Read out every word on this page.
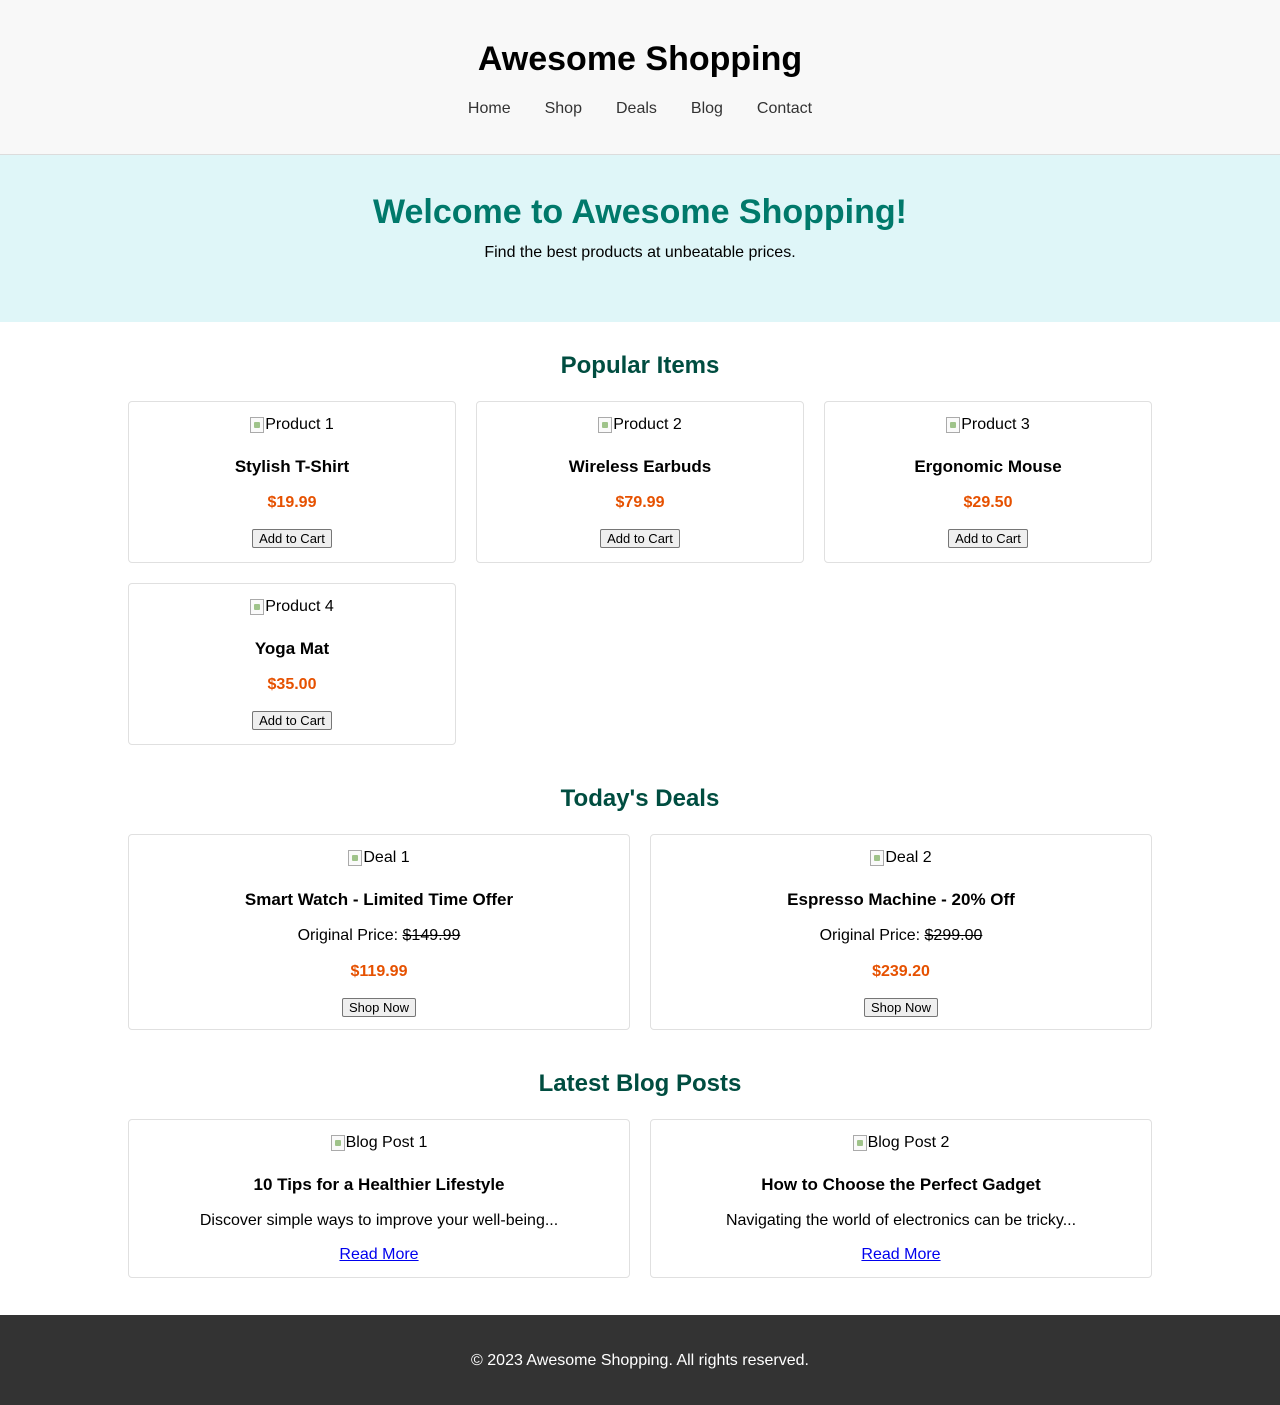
Awesome Shopping
Home	Shop	Deals	Blog	Contact
Welcome to Awesome Shopping!

Find the best products at unbeatable prices.

Popular Items
Product 1

Stylish T-Shirt

$19.99

Add to Cart
Product 2

Wireless Earbuds

$79.99

Add to Cart
Product 3

Ergonomic Mouse

$29.50

Add to Cart
Product 4

Yoga Mat

$35.00

Add to Cart
Today's Deals
Deal 1

Smart Watch - Limited Time Offer

Original Price: $149.99

$119.99

Shop Now
Deal 2

Espresso Machine - 20% Off

Original Price: $299.00

$239.20

Shop Now
Latest Blog Posts
Blog Post 1

10 Tips for a Healthier Lifestyle

Discover simple ways to improve your well-being...

Read More
Blog Post 2

How to Choose the Perfect Gadget

Navigating the world of electronics can be tricky...

Read More
© 2023 Awesome Shopping. All rights reserved.
